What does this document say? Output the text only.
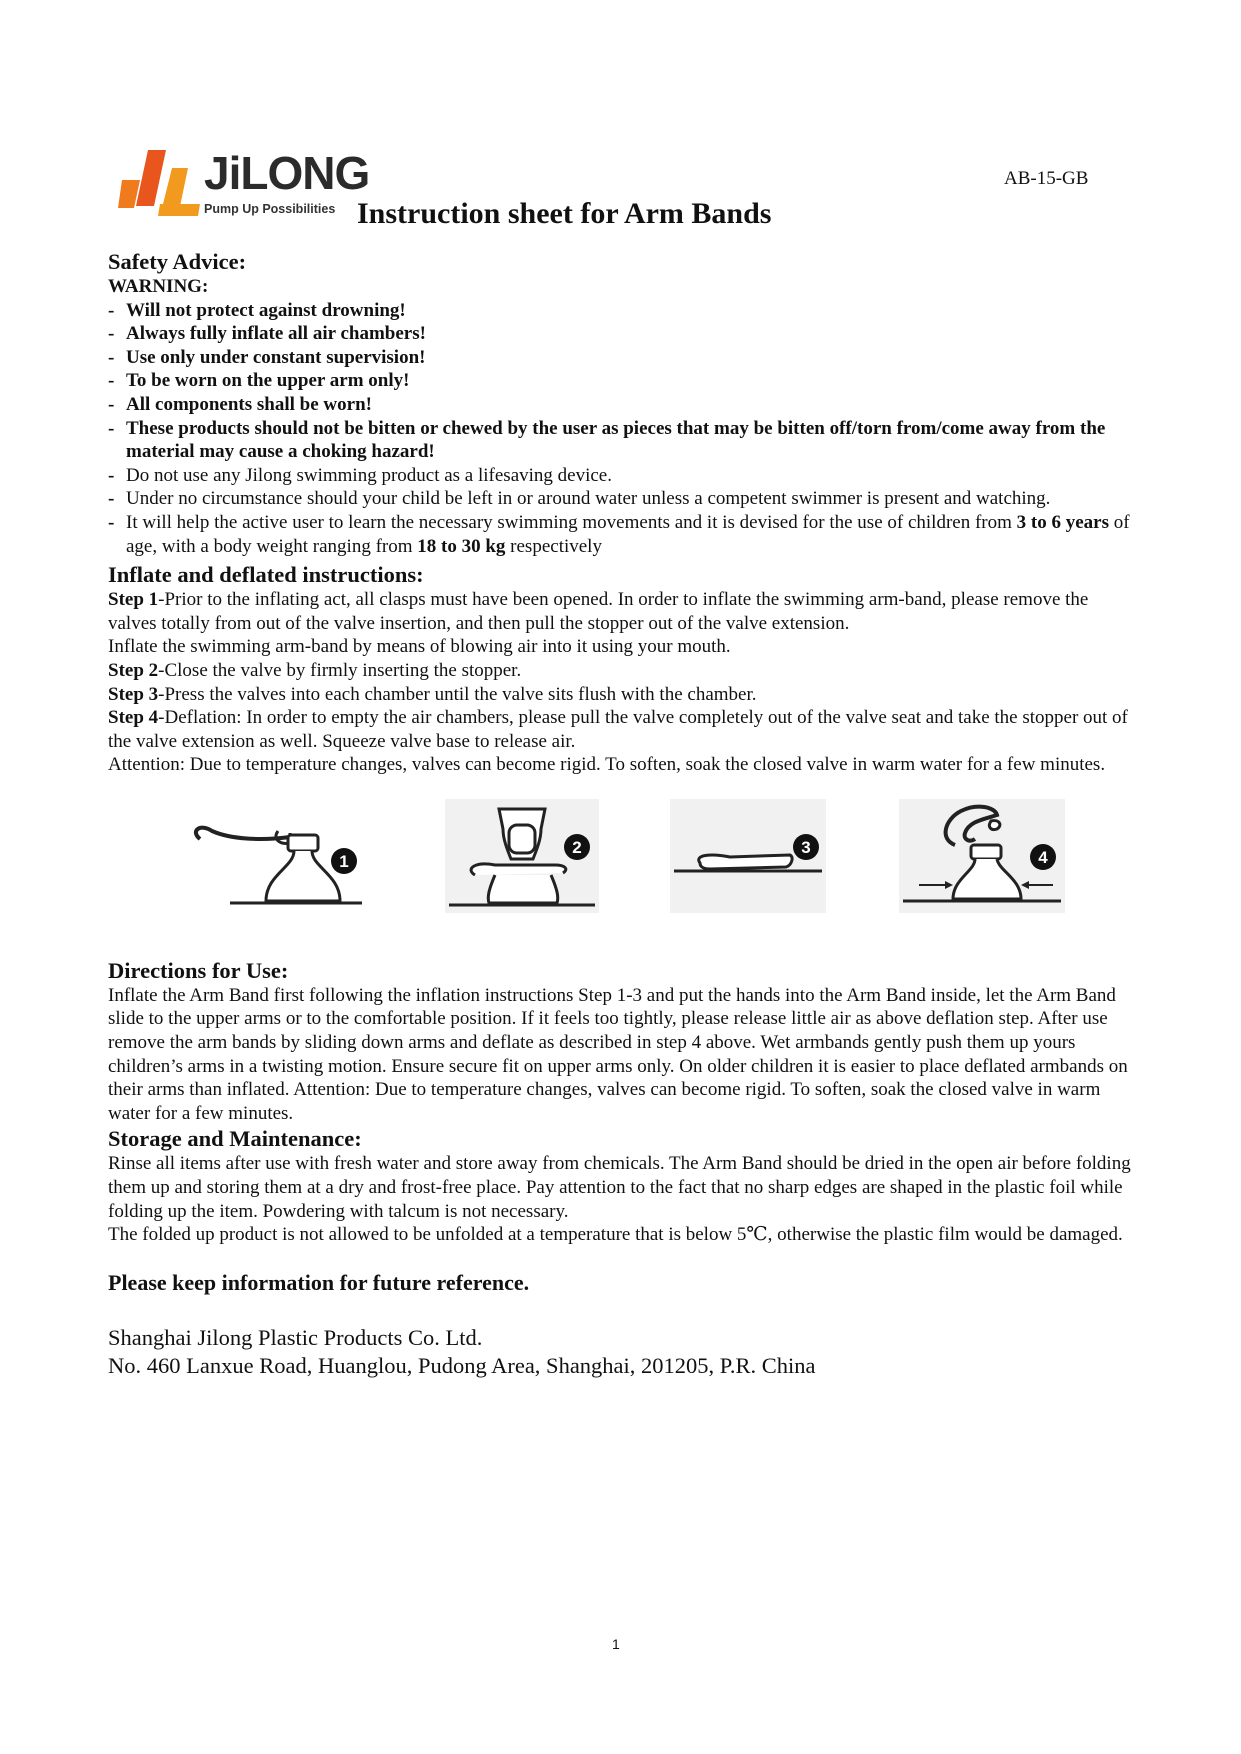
JiLONG
Pump Up Possibilities
AB-15-GB
Instruction sheet for Arm Bands
Safety Advice:
WARNING:
- Will not protect against drowning!
- Always fully inflate all air chambers!
- Use only under constant supervision!
- To be worn on the upper arm only!
- All components shall be worn!
- These products should not be bitten or chewed by the user as pieces that may be bitten off/torn from/come away from the material may cause a choking hazard!
- Do not use any Jilong swimming product as a lifesaving device.
- Under no circumstance should your child be left in or around water unless a competent swimmer is present and watching.
- It will help the active user to learn the necessary swimming movements and it is devised for the use of children from 3 to 6 years of age, with a body weight ranging from 18 to 30 kg respectively
Inflate and deflated instructions:

Step 1-Prior to the inflating act, all clasps must have been opened. In order to inflate the swimming arm-band, please remove the valves totally from out of the valve insertion, and then pull the stopper out of the valve extension.

Inflate the swimming arm-band by means of blowing air into it using your mouth.

Step 2-Close the valve by firmly inserting the stopper.

Step 3-Press the valves into each chamber until the valve sits flush with the chamber.

Step 4-Deflation: In order to empty the air chambers, please pull the valve completely out of the valve seat and take the stopper out of the valve extension as well. Squeeze valve base to release air.

Attention: Due to temperature changes, valves can become rigid. To soften, soak the closed valve in warm water for a few minutes.

1
2	3
4
Directions for Use:

Inflate the Arm Band first following the inflation instructions Step 1-3 and put the hands into the Arm Band inside, let the Arm Band slide to the upper arms or to the comfortable position. If it feels too tightly, please release little air as above deflation step. After use remove the arm bands by sliding down arms and deflate as described in step 4 above. Wet armbands gently push them up yours children’s arms in a twisting motion. Ensure secure fit on upper arms only. On older children it is easier to place deflated armbands on their arms than inflated. Attention: Due to temperature changes, valves can become rigid. To soften, soak the closed valve in warm water for a few minutes.

Storage and Maintenance:

Rinse all items after use with fresh water and store away from chemicals. The Arm Band should be dried in the open air before folding them up and storing them at a dry and frost-free place. Pay attention to the fact that no sharp edges are shaped in the plastic foil while folding up the item. Powdering with talcum is not necessary.

The folded up product is not allowed to be unfolded at a temperature that is below 5℃, otherwise the plastic film would be damaged.

Please keep information for future reference.
Shanghai Jilong Plastic Products Co. Ltd.
No. 460 Lanxue Road, Huanglou, Pudong Area, Shanghai, 201205, P.R. China
1
